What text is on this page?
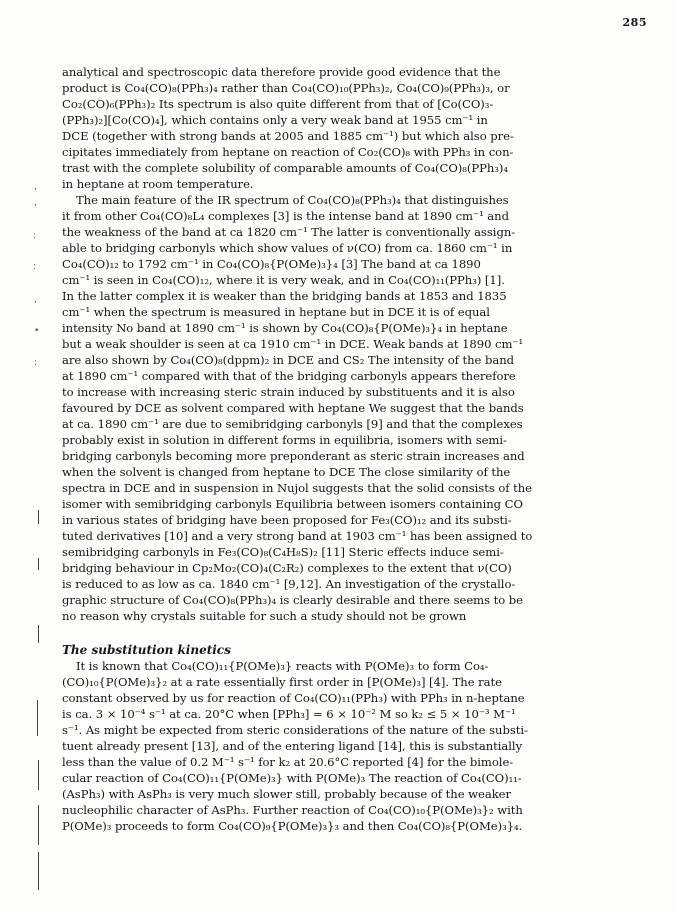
285
,
,
:
:
,
•
:
analytical and spectroscopic data therefore provide good evidence that the
product is Co₄(CO)₈(PPh₃)₄ rather than Co₄(CO)₁₀(PPh₃)₂, Co₄(CO)₉(PPh₃)₃, or
Co₂(CO)₆(PPh₃)₂ Its spectrum is also quite different from that of [Co(CO)₃-
(PPh₃)₂][Co(CO)₄], which contains only a very weak band at 1955 cm⁻¹ in
DCE (together with strong bands at 2005 and 1885 cm⁻¹) but which also pre-
cipitates immediately from heptane on reaction of Co₂(CO)₈ with PPh₃ in con-
trast with the complete solubility of comparable amounts of Co₄(CO)₈(PPh₃)₄
in heptane at room temperature.
The main feature of the IR spectrum of Co₄(CO)₈(PPh₃)₄ that distinguishes
it from other Co₄(CO)₈L₄ complexes [3] is the intense band at 1890 cm⁻¹ and
the weakness of the band at ca 1820 cm⁻¹ The latter is conventionally assign-
able to bridging carbonyls which show values of ν(CO) from ca. 1860 cm⁻¹ in
Co₄(CO)₁₂ to 1792 cm⁻¹ in Co₄(CO)₈{P(OMe)₃}₄ [3] The band at ca 1890
cm⁻¹ is seen in Co₄(CO)₁₂, where it is very weak, and in Co₄(CO)₁₁(PPh₃) [1].
In the latter complex it is weaker than the bridging bands at 1853 and 1835
cm⁻¹ when the spectrum is measured in heptane but in DCE it is of equal
intensity No band at 1890 cm⁻¹ is shown by Co₄(CO)₈{P(OMe)₃}₄ in heptane
but a weak shoulder is seen at ca 1910 cm⁻¹ in DCE. Weak bands at 1890 cm⁻¹
are also shown by Co₄(CO)₈(dppm)₂ in DCE and CS₂ The intensity of the band
at 1890 cm⁻¹ compared with that of the bridging carbonyls appears therefore
to increase with increasing steric strain induced by substituents and it is also
favoured by DCE as solvent compared with heptane We suggest that the bands
at ca. 1890 cm⁻¹ are due to semibridging carbonyls [9] and that the complexes
probably exist in solution in different forms in equilibria, isomers with semi-
bridging carbonyls becoming more preponderant as steric strain increases and
when the solvent is changed from heptane to DCE The close similarity of the
spectra in DCE and in suspension in Nujol suggests that the solid consists of the
isomer with semibridging carbonyls Equilibria between isomers containing CO
in various states of bridging have been proposed for Fe₃(CO)₁₂ and its substi-
tuted derivatives [10] and a very strong band at 1903 cm⁻¹ has been assigned to
semibridging carbonyls in Fe₃(CO)₈(C₄H₈S)₂ [11] Steric effects induce semi-
bridging behaviour in Cp₂Mo₂(CO)₄(C₂R₂) complexes to the extent that ν(CO)
is reduced to as low as ca. 1840 cm⁻¹ [9,12]. An investigation of the crystallo-
graphic structure of Co₄(CO)₈(PPh₃)₄ is clearly desirable and there seems to be
no reason why crystals suitable for such a study should not be grown
The substitution kinetics
It is known that Co₄(CO)₁₁{P(OMe)₃} reacts with P(OMe)₃ to form Co₄-
(CO)₁₀{P(OMe)₃}₂ at a rate essentially first order in [P(OMe)₃] [4]. The rate
constant observed by us for reaction of Co₄(CO)₁₁(PPh₃) with PPh₃ in n-heptane
is ca. 3 × 10⁻⁴ s⁻¹ at ca. 20°C when [PPh₃] = 6 × 10⁻² M so k₂ ≤ 5 × 10⁻³ M⁻¹
s⁻¹. As might be expected from steric considerations of the nature of the substi-
tuent already present [13], and of the entering ligand [14], this is substantially
less than the value of 0.2 M⁻¹ s⁻¹ for k₂ at 20.6°C reported [4] for the bimole-
cular reaction of Co₄(CO)₁₁{P(OMe)₃} with P(OMe)₃ The reaction of Co₄(CO)₁₁-
(AsPh₃) with AsPh₃ is very much slower still, probably because of the weaker
nucleophilic character of AsPh₃. Further reaction of Co₄(CO)₁₀{P(OMe)₃}₂ with
P(OMe)₃ proceeds to form Co₄(CO)₉{P(OMe)₃}₃ and then Co₄(CO)₈{P(OMe)₃}₄.
